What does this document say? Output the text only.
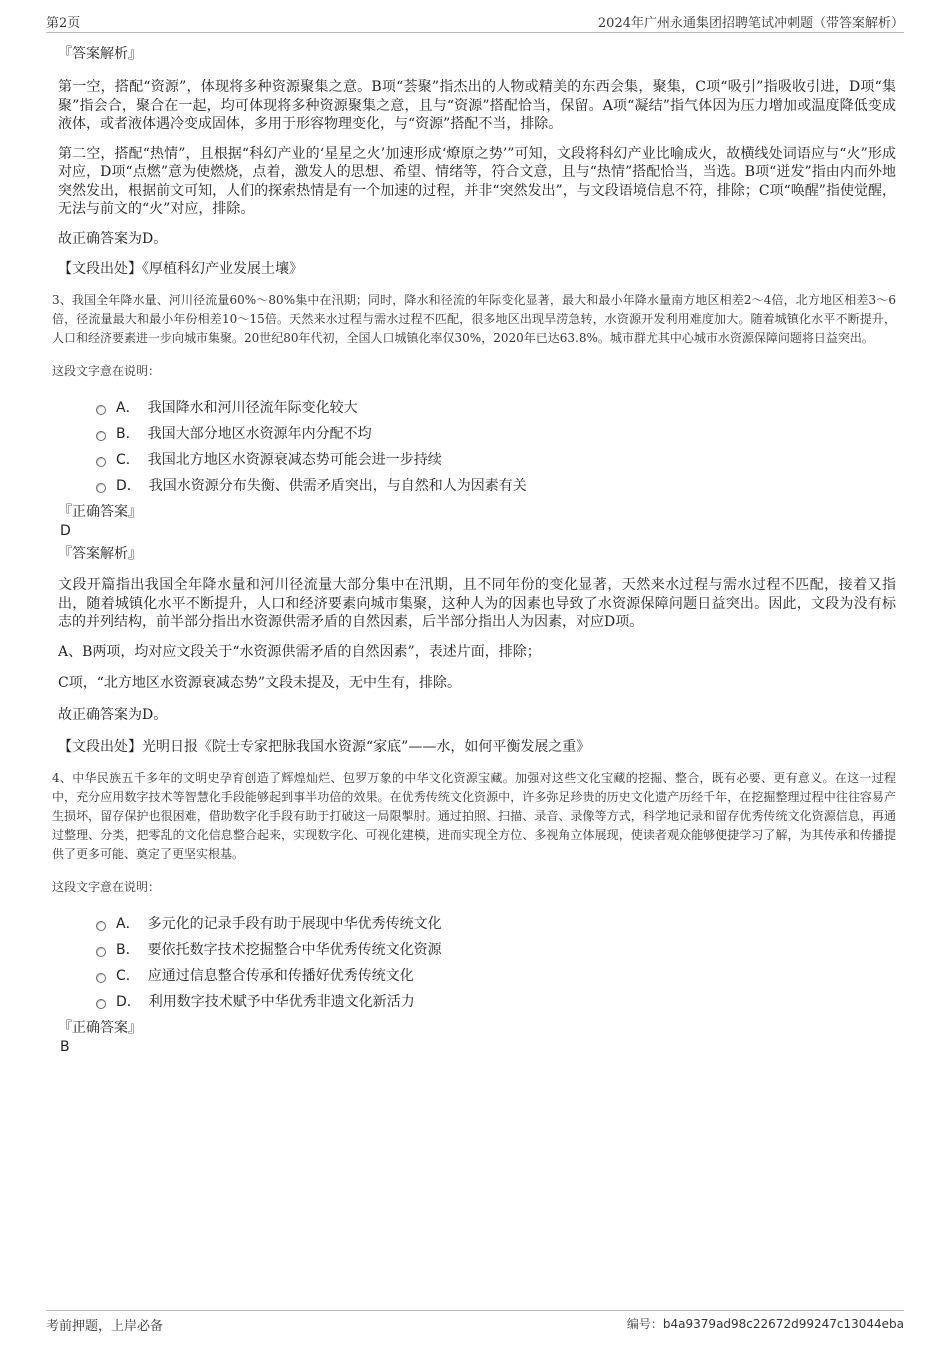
第2页	2024年广州永通集团招聘笔试冲刺题（带答案解析）
『答案解析』
第一空，搭配“资源”，体现将多种资源聚集之意。B项“荟聚”指杰出的人物或精美的东西会集，聚集，C项“吸引”指吸收引进，D项“集聚”指会合，聚合在一起，均可体现将多种资源聚集之意，且与“资源”搭配恰当，保留。A项“凝结”指气体因为压力增加或温度降低变成液体，或者液体遇冷变成固体，多用于形容物理变化，与“资源”搭配不当，排除。
第二空，搭配“热情”，且根据“科幻产业的‘星星之火’加速形成‘燎原之势’”可知，文段将科幻产业比喻成火，故横线处词语应与“火”形成对应，D项“点燃”意为使燃烧，点着，激发人的思想、希望、情绪等，符合文意，且与“热情”搭配恰当，当选。B项“迸发”指由内而外地突然发出，根据前文可知，人们的探索热情是有一个加速的过程，并非“突然发出”，与文段语境信息不符，排除；C项“唤醒”指使觉醒，无法与前文的“火”对应，排除。
故正确答案为D。
【文段出处】《厚植科幻产业发展土壤》
3、我国全年降水量、河川径流量60%～80%集中在汛期；同时，降水和径流的年际变化显著，最大和最小年降水量南方地区相差2～4倍，北方地区相差3～6倍，径流量最大和最小年份相差10～15倍。天然来水过程与需水过程不匹配，很多地区出现旱涝急转，水资源开发利用难度加大。随着城镇化水平不断提升，人口和经济要素进一步向城市集聚。20世纪80年代初，全国人口城镇化率仅30%，2020年已达63.8%。城市群尤其中心城市水资源保障问题将日益突出。
这段文字意在说明：
A． 我国降水和河川径流年际变化较大
B． 我国大部分地区水资源年内分配不均
C． 我国北方地区水资源衰减态势可能会进一步持续
D． 我国水资源分布失衡、供需矛盾突出，与自然和人为因素有关
『正确答案』
D
『答案解析』
文段开篇指出我国全年降水量和河川径流量大部分集中在汛期，且不同年份的变化显著，天然来水过程与需水过程不匹配，接着又指出，随着城镇化水平不断提升，人口和经济要素向城市集聚，这种人为的因素也导致了水资源保障问题日益突出。因此，文段为没有标志的并列结构，前半部分指出水资源供需矛盾的自然因素，后半部分指出人为因素，对应D项。
A、B两项，均对应文段关于“水资源供需矛盾的自然因素”，表述片面，排除；
C项，“北方地区水资源衰减态势”文段未提及，无中生有，排除。
故正确答案为D。
【文段出处】光明日报《院士专家把脉我国水资源“家底”——水，如何平衡发展之重》
4、中华民族五千多年的文明史孕育创造了辉煌灿烂、包罗万象的中华文化资源宝藏。加强对这些文化宝藏的挖掘、整合，既有必要、更有意义。在这一过程中，充分应用数字技术等智慧化手段能够起到事半功倍的效果。在优秀传统文化资源中，许多弥足珍贵的历史文化遗产历经千年，在挖掘整理过程中往往容易产生损坏，留存保护也很困难，借助数字化手段有助于打破这一局限掣肘。通过拍照、扫描、录音、录像等方式，科学地记录和留存优秀传统文化资源信息，再通过整理、分类，把零乱的文化信息整合起来，实现数字化、可视化建模，进而实现全方位、多视角立体展现，使读者观众能够便捷学习了解，为其传承和传播提供了更多可能、奠定了更坚实根基。
这段文字意在说明：
A． 多元化的记录手段有助于展现中华优秀传统文化
B． 要依托数字技术挖掘整合中华优秀传统文化资源
C． 应通过信息整合传承和传播好优秀传统文化
D． 利用数字技术赋予中华优秀非遗文化新活力
『正确答案』
B
考前押题，上岸必备	编号：b4a9379ad98c22672d99247c13044eba
